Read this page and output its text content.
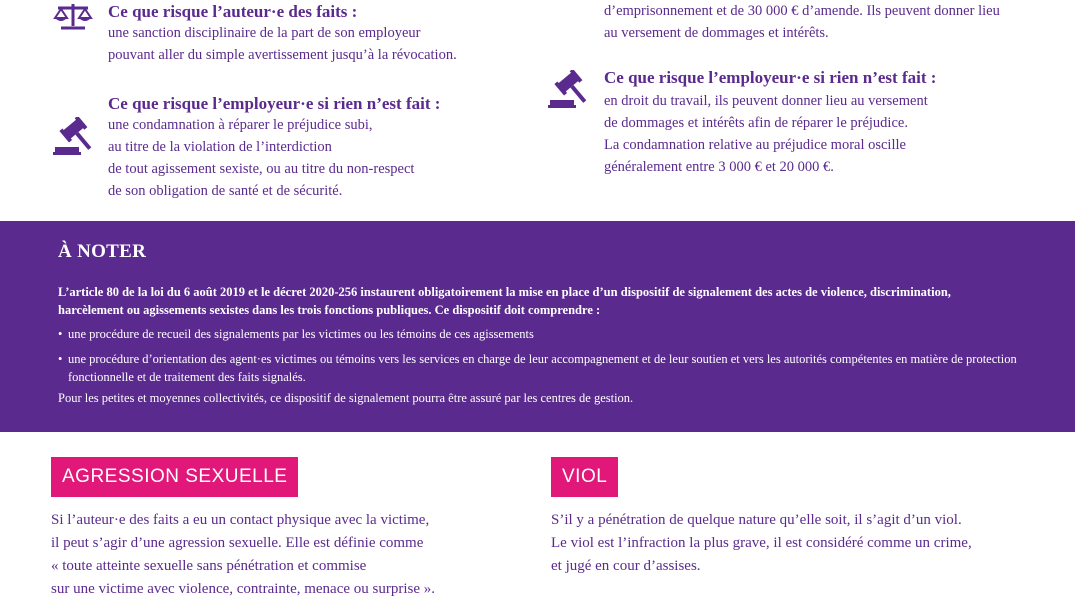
Ce que risque l’auteur·e des faits :
une sanction disciplinaire de la part de son employeur
pouvant aller du simple avertissement jusqu’à la révocation.
Ce que risque l’employeur·e si rien n’est fait :
une condamnation à réparer le préjudice subi,
au titre de la violation de l’interdiction
de tout agissement sexiste, ou au titre du non-respect
de son obligation de santé et de sécurité.
d’emprisonnement et de 30 000 € d’amende. Ils peuvent donner lieu
au versement de dommages et intérêts.
Ce que risque l’employeur·e si rien n’est fait :
en droit du travail, ils peuvent donner lieu au versement
de dommages et intérêts afin de réparer le préjudice.
La condamnation relative au préjudice moral oscille
généralement entre 3 000 € et 20 000 €.
À NOTER
L’article 80 de la loi du 6 août 2019 et le décret 2020-256 instaurent obligatoirement la mise en place d’un dispositif de signalement des actes de violence, discrimination, harcèlement ou agissements sexistes dans les trois fonctions publiques. Ce dispositif doit comprendre :
• une procédure de recueil des signalements par les victimes ou les témoins de ces agissements
• une procédure d’orientation des agent·es victimes ou témoins vers les services en charge de leur accompagnement et de leur soutien et vers les autorités compétentes en matière de protection fonctionnelle et de traitement des faits signalés.
Pour les petites et moyennes collectivités, ce dispositif de signalement pourra être assuré par les centres de gestion.
AGRESSION SEXUELLE
Si l’auteur·e des faits a eu un contact physique avec la victime,
il peut s’agir d’une agression sexuelle. Elle est définie comme
« toute atteinte sexuelle sans pénétration et commise
sur une victime avec violence, contrainte, menace ou surprise ».
VIOL
S’il y a pénétration de quelque nature qu’elle soit, il s’agit d’un viol.
Le viol est l’infraction la plus grave, il est considéré comme un crime,
et jugé en cour d’assises.
